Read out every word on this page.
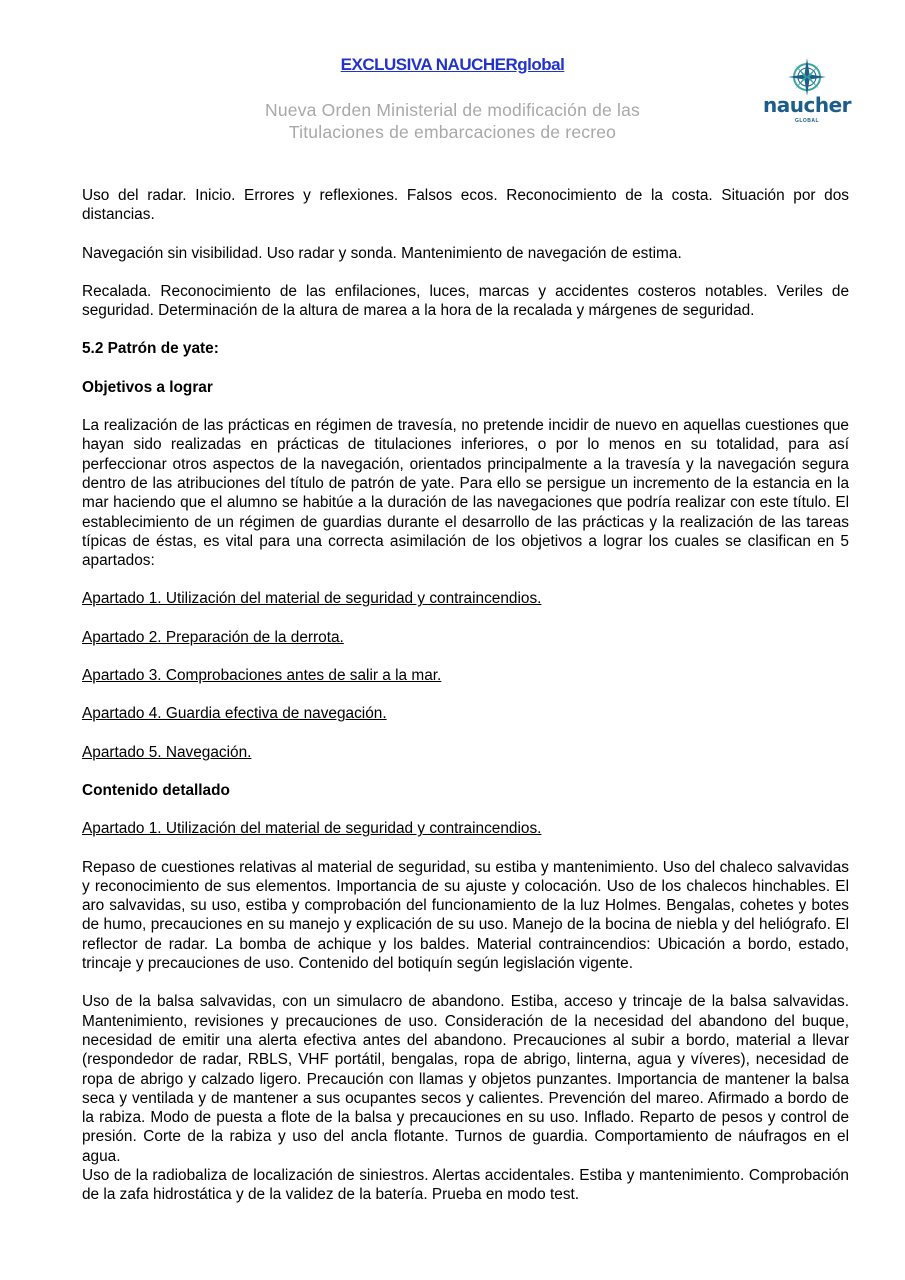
EXCLUSIVA NAUCHERglobal
Nueva Orden Ministerial de modificación de las
Titulaciones de embarcaciones de recreo
naucher
GLOBAL

Uso del radar. Inicio. Errores y reflexiones. Falsos ecos. Reconocimiento de la costa. Situación por dos distancias.

Navegación sin visibilidad. Uso radar y sonda. Mantenimiento de navegación de estima.

Recalada. Reconocimiento de las enfilaciones, luces, marcas y accidentes costeros notables. Veriles de seguridad. Determinación de la altura de marea a la hora de la recalada y márgenes de seguridad.

5.2 Patrón de yate:

Objetivos a lograr

La realización de las prácticas en régimen de travesía, no pretende incidir de nuevo en aquellas cuestiones que hayan sido realizadas en prácticas de titulaciones inferiores, o por lo menos en su totalidad, para así perfeccionar otros aspectos de la navegación, orientados principalmente a la travesía y la navegación segura dentro de las atribuciones del título de patrón de yate. Para ello se persigue un incremento de la estancia en la mar haciendo que el alumno se habitúe a la duración de las navegaciones que podría realizar con este título. El establecimiento de un régimen de guardias durante el desarrollo de las prácticas y la realización de las tareas típicas de éstas, es vital para una correcta asimilación de los objetivos a lograr los cuales se clasifican en 5 apartados:

Apartado 1. Utilización del material de seguridad y contraincendios.

Apartado 2. Preparación de la derrota.

Apartado 3. Comprobaciones antes de salir a la mar.

Apartado 4. Guardia efectiva de navegación.

Apartado 5. Navegación.

Contenido detallado

Apartado 1. Utilización del material de seguridad y contraincendios.

Repaso de cuestiones relativas al material de seguridad, su estiba y mantenimiento. Uso del chaleco salvavidas y reconocimiento de sus elementos. Importancia de su ajuste y colocación. Uso de los chalecos hinchables. El aro salvavidas, su uso, estiba y comprobación del funcionamiento de la luz Holmes. Bengalas, cohetes y botes de humo, precauciones en su manejo y explicación de su uso. Manejo de la bocina de niebla y del heliógrafo. El reflector de radar. La bomba de achique y los baldes. Material contraincendios: Ubicación a bordo, estado, trincaje y precauciones de uso. Contenido del botiquín según legislación vigente.

Uso de la balsa salvavidas, con un simulacro de abandono. Estiba, acceso y trincaje de la balsa salvavidas. Mantenimiento, revisiones y precauciones de uso. Consideración de la necesidad del abandono del buque, necesidad de emitir una alerta efectiva antes del abandono. Precauciones al subir a bordo, material a llevar (respondedor de radar, RBLS, VHF portátil, bengalas, ropa de abrigo, linterna, agua y víveres), necesidad de ropa de abrigo y calzado ligero. Precaución con llamas y objetos punzantes. Importancia de mantener la balsa seca y ventilada y de mantener a sus ocupantes secos y calientes. Prevención del mareo. Afirmado a bordo de la rabiza. Modo de puesta a flote de la balsa y precauciones en su uso. Inflado. Reparto de pesos y control de presión. Corte de la rabiza y uso del ancla flotante. Turnos de guardia. Comportamiento de náufragos en el agua.

Uso de la radiobaliza de localización de siniestros. Alertas accidentales. Estiba y mantenimiento. Comprobación de la zafa hidrostática y de la validez de la batería. Prueba en modo test.
